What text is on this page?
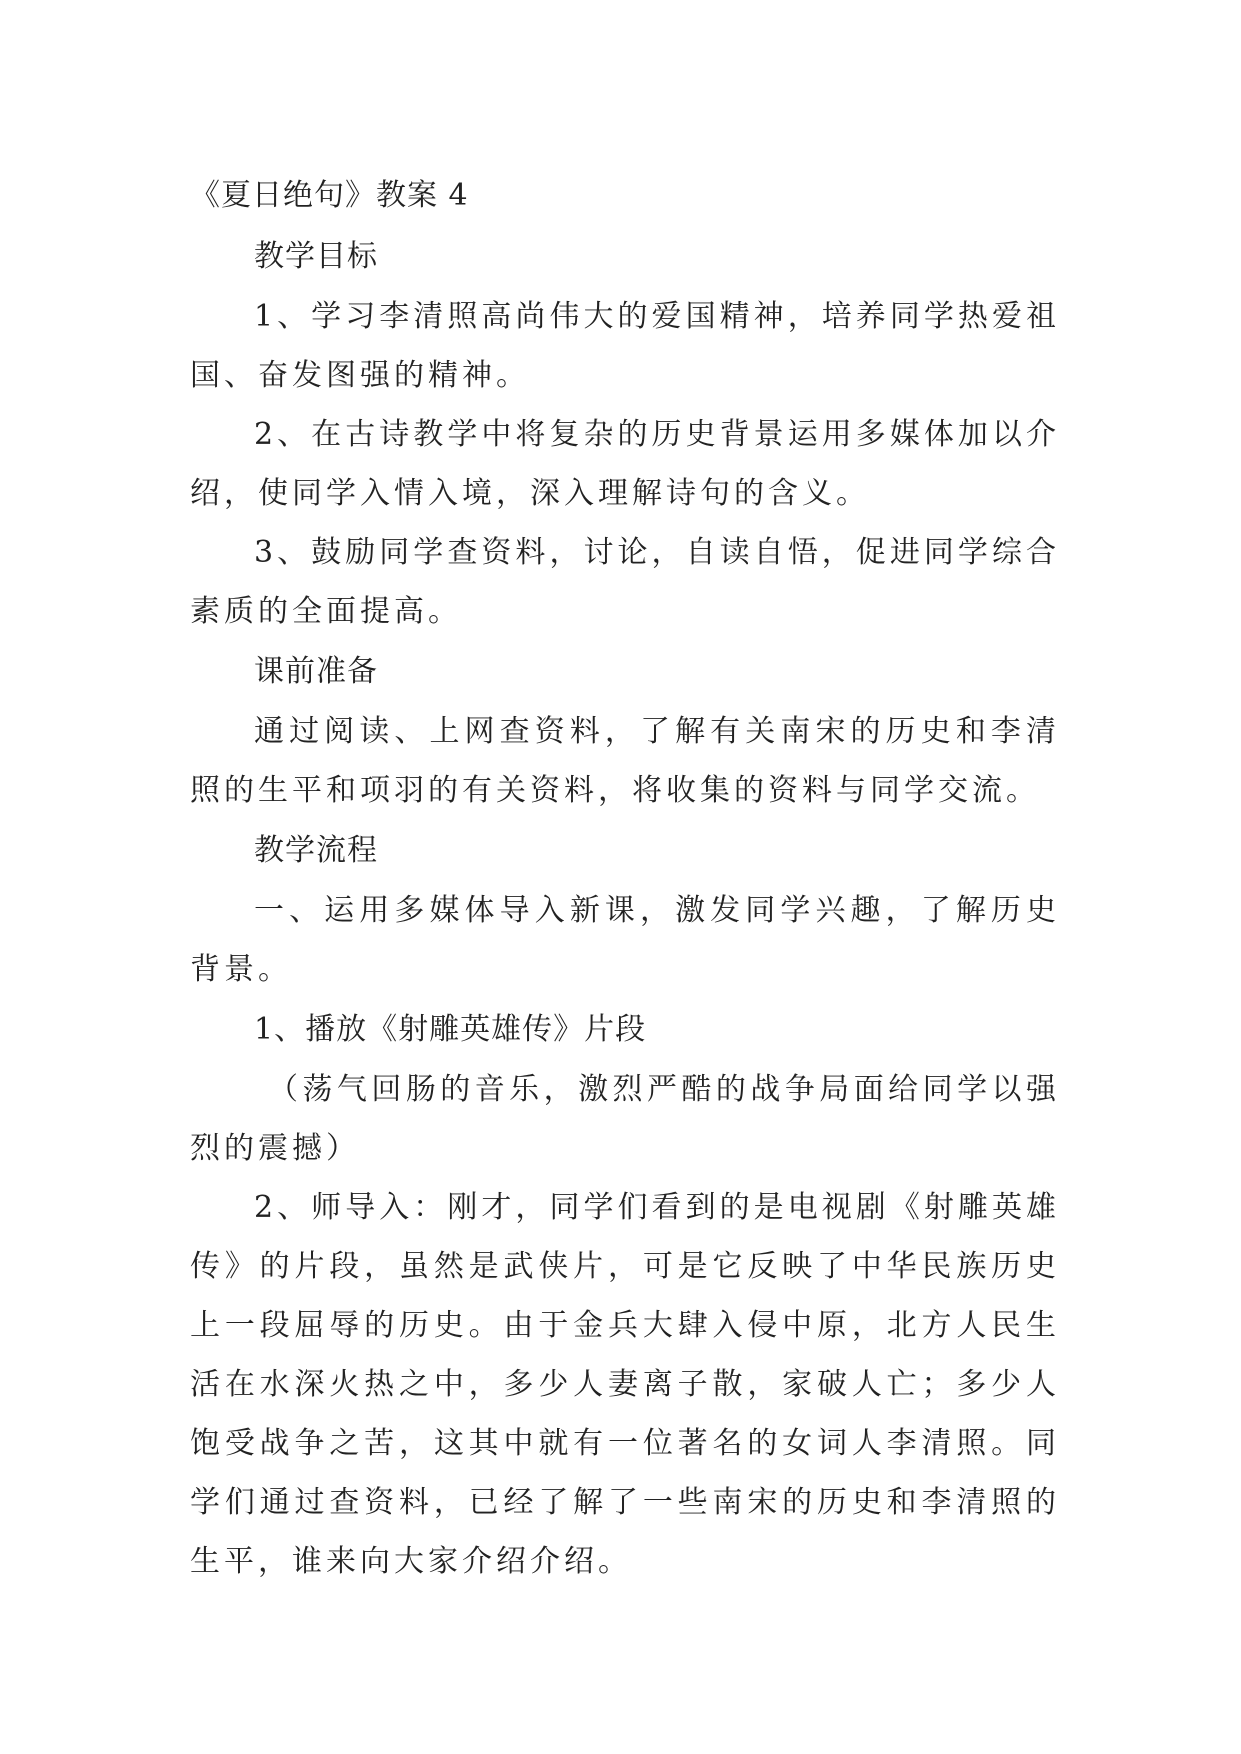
《夏日绝句》教案 4

教学目标

1、学习李清照高尚伟大的爱国精神，培养同学热爱祖国、奋发图强的精神。

2、在古诗教学中将复杂的历史背景运用多媒体加以介绍，使同学入情入境，深入理解诗句的含义。

3、鼓励同学查资料，讨论，自读自悟，促进同学综合素质的全面提高。

课前准备

通过阅读、上网查资料，了解有关南宋的历史和李清照的生平和项羽的有关资料，将收集的资料与同学交流。

教学流程

一、运用多媒体导入新课，激发同学兴趣，了解历史背景。

1、播放《射雕英雄传》片段

（荡气回肠的音乐，激烈严酷的战争局面给同学以强烈的震撼）

2、师导入：刚才，同学们看到的是电视剧《射雕英雄传》的片段，虽然是武侠片，可是它反映了中华民族历史上一段屈辱的历史。由于金兵大肆入侵中原，北方人民生活在水深火热之中，多少人妻离子散，家破人亡；多少人饱受战争之苦，这其中就有一位著名的女词人李清照。同学们通过查资料，已经了解了一些南宋的历史和李清照的生平，谁来向大家介绍介绍。
